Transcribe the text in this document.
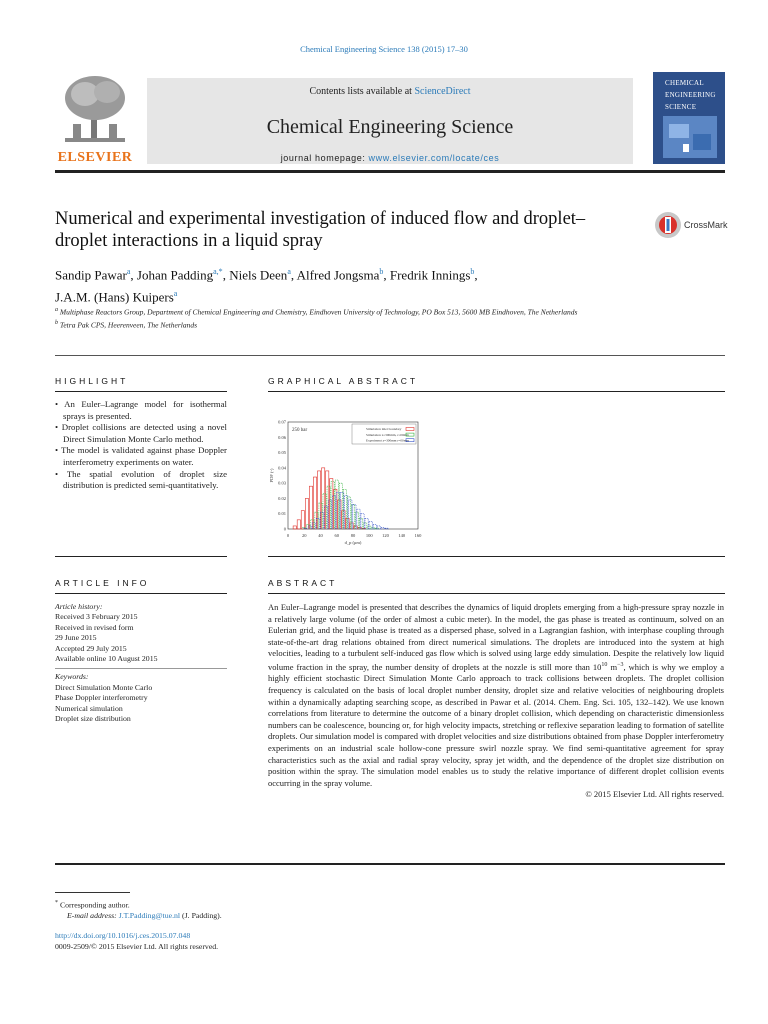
Chemical Engineering Science 138 (2015) 17–30
ELSEVIER
Contents lists available at ScienceDirect
Chemical Engineering Science
journal homepage: www.elsevier.com/locate/ces
CHEMICAL
ENGINEERING
SCIENCE
Numerical and experimental investigation of induced flow and droplet–droplet interactions in a liquid spray
CrossMark
Sandip Pawar$^a$, Johan Padding$^{a,*}$, Niels Deen$^a$, Alfred Jongsma$^b$, Fredrik Innings$^b$,
J.A.M. (Hans) Kuipers$^a$
$^a$ Multiphase Reactors Group, Department of Chemical Engineering and Chemistry, Eindhoven University of Technology, PO Box 513, 5600 MB Eindhoven, The Netherlands
$^b$ Tetra Pak CPS, Heerenveen, The Netherlands
HIGHLIGHT	GRAPHICAL ABSTRACT
• An Euler–Lagrange model for isothermal sprays is presented.
• Droplet collisions are detected using a novel Direct Simulation Monte Carlo method.
• The model is validated against phase Doppler interferometry experiments on water.
• The spatial evolution of droplet size distribution is predicted semi-quantitatively.
0	20	40	60	80 100 120 140 160
0
0.01
0.02
0.03
0.04
0.05
0.06
0.07
d_p (μm)
PDF (-)
250 bar	Simulation inlet boundary
Simulation z=300mm, r=00mm
Experiment z=300mm r=00mm
ARTICLE INFO	ABSTRACT
Article history:
Received 3 February 2015
Received in revised form
29 June 2015
Accepted 29 July 2015
Available online 10 August 2015
Keywords:
Direct Simulation Monte Carlo
Phase Doppler interferometry
Numerical simulation
Droplet size distribution
An Euler–Lagrange model is presented that describes the dynamics of liquid droplets emerging from a high-pressure spray nozzle in a relatively large volume (of the order of almost a cubic meter). In the model, the gas phase is treated as continuum, solved on an Eulerian grid, and the liquid phase is treated as a dispersed phase, solved in a Lagrangian fashion, with interphase coupling through state-of-the-art drag relations obtained from direct numerical simulations. The droplets are introduced into the system at high velocities, leading to a turbulent self-induced gas flow which is solved using large eddy simulation. Despite the relatively low liquid volume fraction in the spray, the number density of droplets at the nozzle is still more than $10^{10}$ $m^{-3}$, which is why we employ a highly efficient stochastic Direct Simulation Monte Carlo approach to track collisions between droplets. The droplet collision frequency is calculated on the basis of local droplet number density, droplet size and relative velocities of neighbouring droplets within a dynamically adapting searching scope, as described in Pawar et al. (2014. Chem. Eng. Sci. 105, 132–142). We use known correlations from literature to determine the outcome of a binary droplet collision, which depending on characteristic dimensionless numbers can be coalescence, bouncing or, for high velocity impacts, stretching or reflexive separation leading to formation of satellite droplets. Our simulation model is compared with droplet velocities and size distributions obtained from phase Doppler interferometry experiments on an industrial scale hollow-cone pressure swirl nozzle spray. We find semi-quantitative agreement for spray characteristics such as the axial and radial spray velocity, spray jet width, and the dependence of the droplet size distribution on position within the spray. The simulation model enables us to study the relative importance of different droplet collision events occurring in the spray volume.
© 2015 Elsevier Ltd. All rights reserved.
* Corresponding author.
E-mail address: J.T.Padding@tue.nl (J. Padding).
http://dx.doi.org/10.1016/j.ces.2015.07.048
0009-2509/© 2015 Elsevier Ltd. All rights reserved.
